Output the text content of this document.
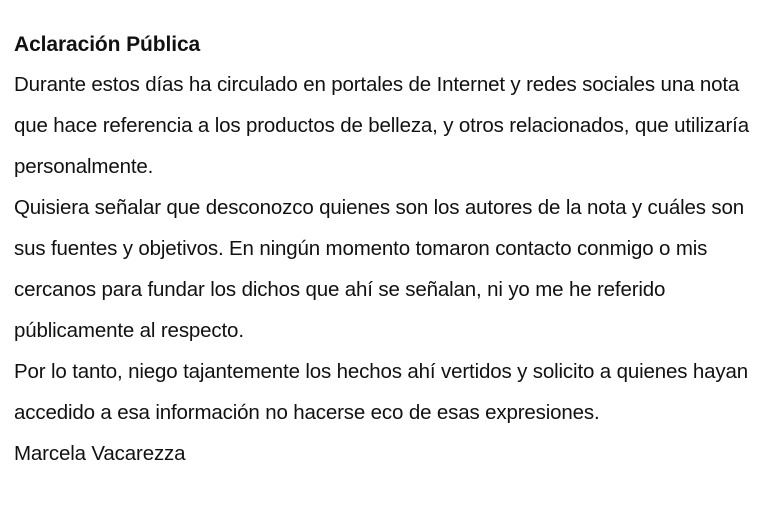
Aclaración Pública

Durante estos días ha circulado en portales de Internet y redes sociales una nota que hace referencia a los productos de belleza, y otros relacionados, que utilizaría personalmente.

Quisiera señalar que desconozco quienes son los autores de la nota y cuáles son sus fuentes y objetivos. En ningún momento tomaron contacto conmigo o mis cercanos para fundar los dichos que ahí se señalan, ni yo me he referido públicamente al respecto.

Por lo tanto, niego tajantemente los hechos ahí vertidos y solicito a quienes hayan accedido a esa información no hacerse eco de esas expresiones.

Marcela Vacarezza
